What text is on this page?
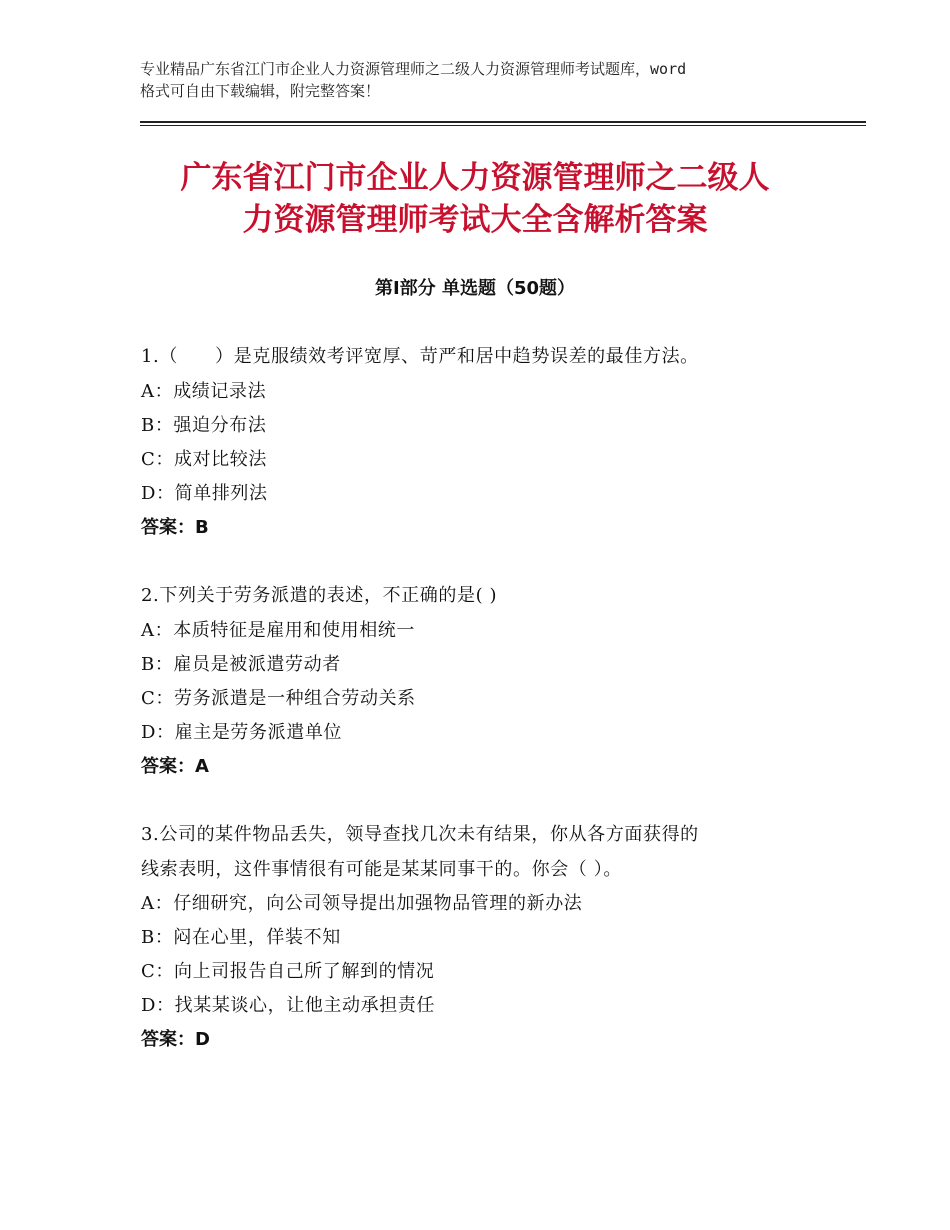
专业精品广东省江门市企业人力资源管理师之二级人力资源管理师考试题库，word
格式可自由下载编辑，附完整答案！
广东省江门市企业人力资源管理师之二级人
力资源管理师考试大全含解析答案
第Ⅰ部分 单选题（50题）
1.（　　）是克服绩效考评宽厚、苛严和居中趋势误差的最佳方法。
A：成绩记录法
B：强迫分布法
C：成对比较法
D：简单排列法
答案：B
2.下列关于劳务派遣的表述，不正确的是( )
A：本质特征是雇用和使用相统一
B：雇员是被派遣劳动者
C：劳务派遣是一种组合劳动关系
D：雇主是劳务派遣单位
答案：A
3.公司的某件物品丢失，领导查找几次未有结果，你从各方面获得的
线索表明，这件事情很有可能是某某同事干的。你会（ ）。
A：仔细研究，向公司领导提出加强物品管理的新办法
B：闷在心里，佯装不知
C：向上司报告自己所了解到的情况
D：找某某谈心，让他主动承担责任
答案：D
